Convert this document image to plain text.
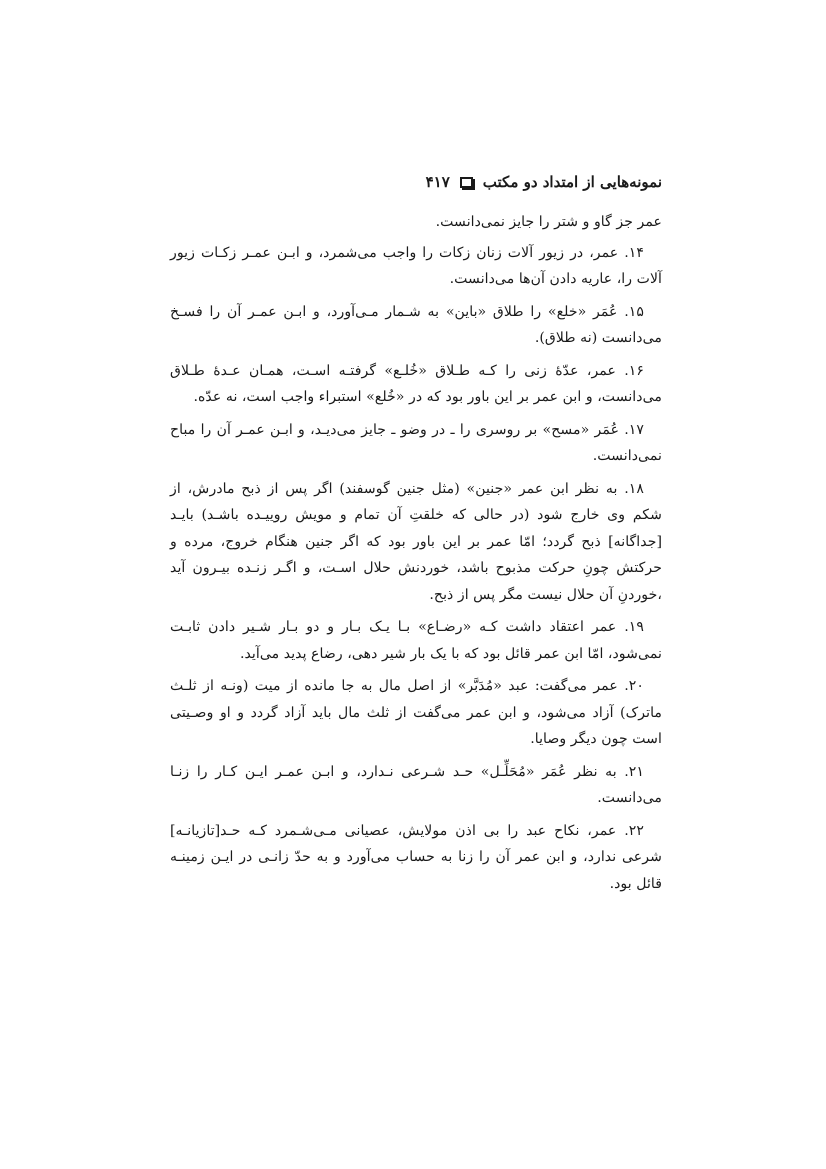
نمونه‌هایی از امتداد دو مکتب
۴۱۷

عمر جز گاو و شتر را جایز نمی‌دانست.

۱۴. عمر، در زیور آلات زنان زکات را واجب می‌شمرد، و ابـن عمـر زکـات زیور آلات را، عاریه دادن آن‌ها می‌دانست.

۱۵. عُمَر «خلع» را طلاق «باین» به شـمار مـی‌آورد، و ابـن عمـر آن را فسـخ می‌دانست (نه طلاق).

۱۶. عمر، عدّهٔ زنی را کـه طـلاق «خُلـع» گرفتـه اسـت، همـان عـدهٔ طـلاق می‌دانست، و ابن عمر بر این باور بود که در «خُلع» استبراء واجب است، نه عدّه.

۱۷. عُمَر «مسح» بر روسری را ـ در وضو ـ جایز می‌دیـد، و ابـن عمـر آن را مباح نمی‌دانست.

۱۸. به نظر ابن عمر «جنین» (مثل جنین گوسفند) اگر پس از ذبح مادرش، از شکم وی خارج شود (در حالی که خلقتِ آن تمام و مویش روییـده باشـد) بایـد [جداگانه] ذبح گردد؛ امّا عمر بر این باور بود که اگر جنین هنگام خروج، مرده و حرکتش چونِ حرکت مذبوح باشد، خوردنش حلال اسـت، و اگـر زنـده بیـرون آید ،خوردنِ آن حلال نیست مگر پس از ذبح.

۱۹. عمر اعتقاد داشت کـه «رضـاع» بـا یـک بـار و دو بـار شـیر دادن ثابـت نمی‌شود، امّا ابن عمر قائل بود که با یک بار شیر دهی، رضاع پدید می‌آید.

۲۰. عمر می‌گفت: عبد «مُدَبَّر» از اصل مال به جا مانده از میت (ونـه از ثلـث ماترک) آزاد می‌شود، و ابن عمر می‌گفت از ثلث مال باید آزاد گردد و او وصـیتی است چون دیگر وصایا.

۲۱. به نظر عُمَر «مُحَلِّـل» حـد شـرعی نـدارد، و ابـن عمـر ایـن کـار را زنـا می‌دانست.

۲۲. عمر، نکاح عبد را بی اذن مولایش، عصیانی مـی‌شـمرد کـه حـد[تازیانـه] شرعی ندارد، و ابن عمر آن را زنا به حساب می‌آورد و به حدّ زانـی در ایـن زمینـه قائل بود.
